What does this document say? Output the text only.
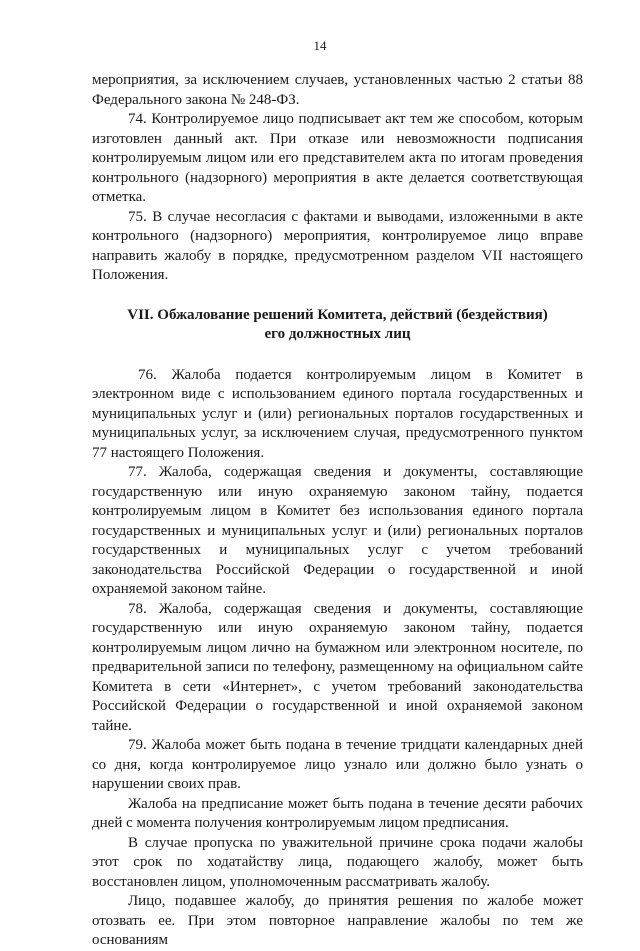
14

мероприятия, за исключением случаев, установленных частью 2 статьи 88 Федерального закона № 248-ФЗ.

74. Контролируемое лицо подписывает акт тем же способом, которым изготовлен данный акт. При отказе или невозможности подписания контролируемым лицом или его представителем акта по итогам проведения контрольного (надзорного) мероприятия в акте делается соответствующая отметка.

75. В случае несогласия с фактами и выводами, изложенными в акте контрольного (надзорного) мероприятия, контролируемое лицо вправе направить жалобу в порядке, предусмотренном разделом VII настоящего Положения.

VII. Обжалование решений Комитета, действий (бездействия)
его должностных лиц

76. Жалоба подается контролируемым лицом в Комитет в электронном виде с использованием единого портала государственных и муниципальных услуг и (или) региональных порталов государственных и муниципальных услуг, за исключением случая, предусмотренного пунктом 77 настоящего Положения.

77. Жалоба, содержащая сведения и документы, составляющие государственную или иную охраняемую законом тайну, подается контролируемым лицом в Комитет без использования единого портала государственных и муниципальных услуг и (или) региональных порталов государственных и муниципальных услуг с учетом требований законодательства Российской Федерации о государственной и иной охраняемой законом тайне.

78. Жалоба, содержащая сведения и документы, составляющие государственную или иную охраняемую законом тайну, подается контролируемым лицом лично на бумажном или электронном носителе, по предварительной записи по телефону, размещенному на официальном сайте Комитета в сети «Интернет», с учетом требований законодательства Российской Федерации о государственной и иной охраняемой законом тайне.

79. Жалоба может быть подана в течение тридцати календарных дней со дня, когда контролируемое лицо узнало или должно было узнать о нарушении своих прав.

Жалоба на предписание может быть подана в течение десяти рабочих дней с момента получения контролируемым лицом предписания.

В случае пропуска по уважительной причине срока подачи жалобы этот срок по ходатайству лица, подающего жалобу, может быть восстановлен лицом, уполномоченным рассматривать жалобу.

Лицо, подавшее жалобу, до принятия решения по жалобе может отозвать ее. При этом повторное направление жалобы по тем же основаниям
